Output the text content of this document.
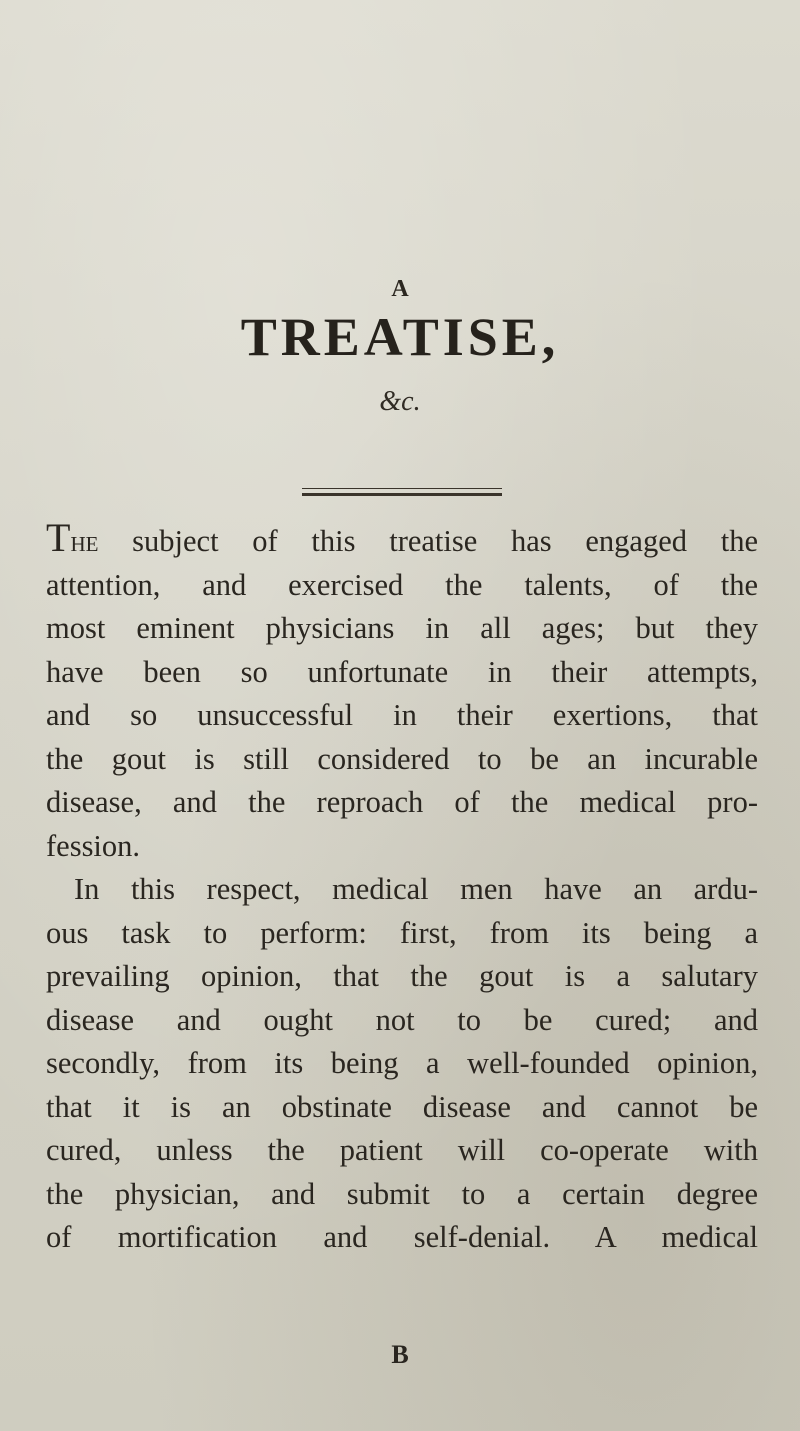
A
TREATISE,
&c.
The subject of this treatise has engaged the
attention, and exercised the talents, of the
most eminent physicians in all ages; but they
have been so unfortunate in their attempts,
and so unsuccessful in their exertions, that
the gout is still considered to be an incurable
disease, and the reproach of the medical pro-
fession.
In this respect, medical men have an ardu-
ous task to perform: first, from its being a
prevailing opinion, that the gout is a salutary
disease and ought not to be cured; and
secondly, from its being a well-founded opinion,
that it is an obstinate disease and cannot be
cured, unless the patient will co-operate with
the physician, and submit to a certain degree
of mortification and self-denial. A medical
B
